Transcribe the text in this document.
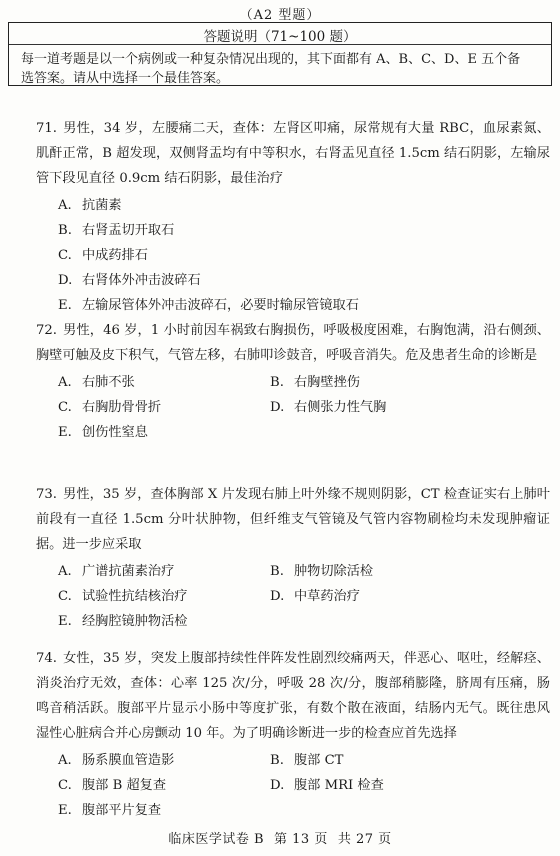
（A2 型题）
答题说明（71~100 题）
每一道考题是以一个病例或一种复杂情况出现的，其下面都有 A、B、C、D、E 五个备
选答案。请从中选择一个最佳答案。
71. 男性，34 岁，左腰痛二天，查体：左肾区叩痛，尿常规有大量 RBC，血尿素氮、肌酐正常，B 超发现，双侧肾盂均有中等积水，右肾盂见直径 1.5cm 结石阴影，左输尿管下段见直径 0.9cm 结石阴影，最佳治疗
A. 抗菌素
B. 右肾盂切开取石
C. 中成药排石
D. 右肾体外冲击波碎石
E. 左输尿管体外冲击波碎石，必要时输尿管镜取石
72. 男性，46 岁，1 小时前因车祸致右胸损伤，呼吸极度困难，右胸饱满，沿右侧颈、胸壁可触及皮下积气，气管左移，右肺叩诊鼓音，呼吸音消失。危及患者生命的诊断是
A. 右肺不张	B. 右胸壁挫伤
C. 右胸肋骨骨折	D. 右侧张力性气胸
E. 创伤性窒息
73. 男性，35 岁，查体胸部 X 片发现右肺上叶外缘不规则阴影，CT 检查证实右上肺叶前段有一直径 1.5cm 分叶状肿物，但纤维支气管镜及气管内容物刷检均未发现肿瘤证据。进一步应采取
A. 广谱抗菌素治疗	B. 肿物切除活检
C. 试验性抗结核治疗	D. 中草药治疗
E. 经胸腔镜肿物活检
74. 女性，35 岁，突发上腹部持续性伴阵发性剧烈绞痛两天，伴恶心、呕吐，经解痉、消炎治疗无效，查体：心率 125 次/分，呼吸 28 次/分，腹部稍膨隆，脐周有压痛，肠鸣音稍活跃。腹部平片显示小肠中等度扩张，有数个散在液面，结肠内无气。既往患风湿性心脏病合并心房颤动 10 年。为了明确诊断进一步的检查应首先选择
A. 肠系膜血管造影	B. 腹部 CT
C. 腹部 B 超复查	D. 腹部 MRI 检查
E. 腹部平片复查
临床医学试卷 B 第 13 页 共 27 页
